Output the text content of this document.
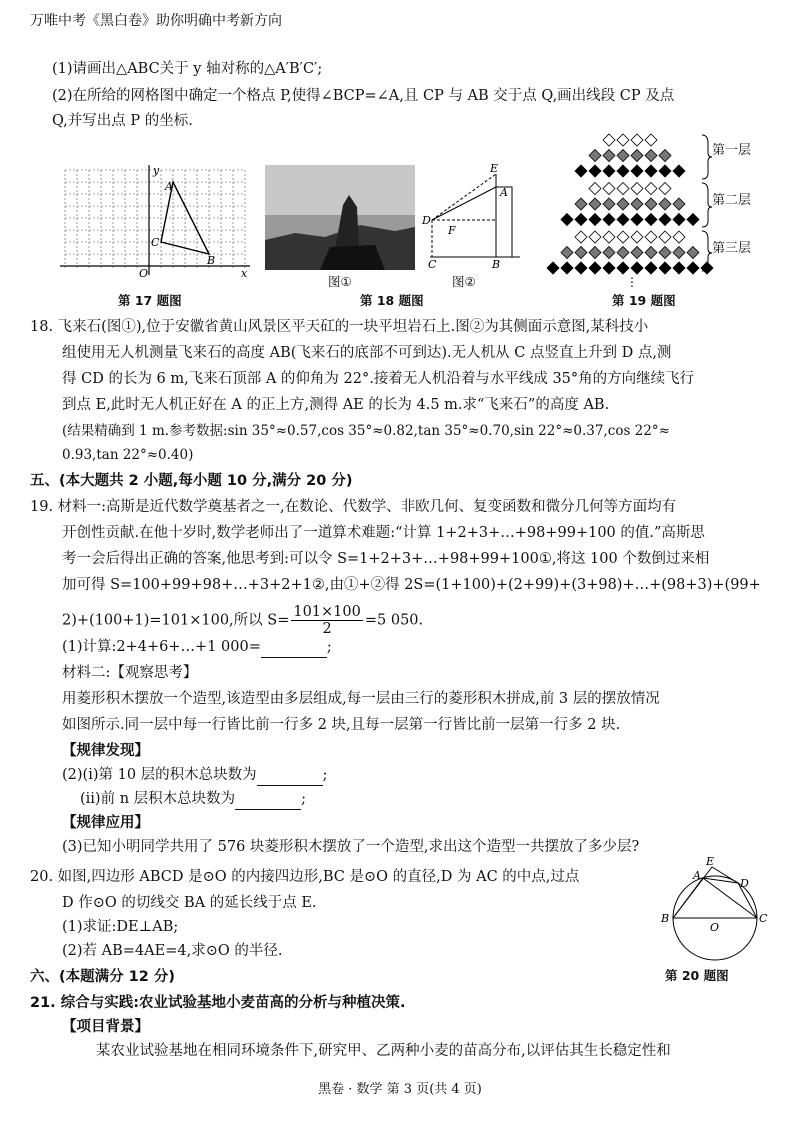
万唯中考《黑白卷》助你明确中考新方向
(1)请画出△ABC关于 y 轴对称的△A′B′C′;
(2)在所给的网格图中确定一个格点 P,使得∠BCP=∠A,且 CP 与 AB 交于点 Q,画出线段 CP 及点
Q,并写出点 P 的坐标.
y
x
O
A
C
B
第 17 题图
图①
E
A
D
F
C	B
图②
第 18 题图
⋮
第一层
第二层
第三层
第 19 题图
18. 飞来石(图①),位于安徽省黄山风景区平天矼的一块平坦岩石上.图②为其侧面示意图,某科技小
组使用无人机测量飞来石的高度 AB(飞来石的底部不可到达).无人机从 C 点竖直上升到 D 点,测
得 CD 的长为 6 m,飞来石顶部 A 的仰角为 22°.接着无人机沿着与水平线成 35°角的方向继续飞行
到点 E,此时无人机正好在 A 的正上方,测得 AE 的长为 4.5 m.求“飞来石”的高度 AB.
(结果精确到 1 m.参考数据:sin 35°≈0.57,cos 35°≈0.82,tan 35°≈0.70,sin 22°≈0.37,cos 22°≈
0.93,tan 22°≈0.40)
五、(本大题共 2 小题,每小题 10 分,满分 20 分)
19. 材料一:高斯是近代数学奠基者之一,在数论、代数学、非欧几何、复变函数和微分几何等方面均有
开创性贡献.在他十岁时,数学老师出了一道算术难题:“计算 1+2+3+…+98+99+100 的值.”高斯思
考一会后得出正确的答案,他思考到:可以令 S=1+2+3+…+98+99+100①,将这 100 个数倒过来相
加可得 S=100+99+98+…+3+2+1②,由①+②得 2S=(1+100)+(2+99)+(3+98)+…+(98+3)+(99+
2)+(100+1)=101×100,所以 $S= \frac{101\times 100}{2} =5$ 050.
(1)计算:2+4+6+…+1 000=	;
材料二:【观察思考】
用菱形积木摆放一个造型,该造型由多层组成,每一层由三行的菱形积木拼成,前 3 层的摆放情况
如图所示.同一层中每一行皆比前一行多 2 块,且每一层第一行皆比前一层第一行多 2 块.
【规律发现】
(2)(ⅰ)第 10 层的积木总块数为	;
(ⅱ)前 n 层积木总块数为	;
【规律应用】
(3)已知小明同学共用了 576 块菱形积木摆放了一个造型,求出这个造型一共摆放了多少层?
20. 如图,四边形 ABCD 是⊙O 的内接四边形,BC 是⊙O 的直径,D 为 AC 的中点,过点
D 作⊙O 的切线交 BA 的延长线于点 E.
(1)求证:DE⊥AB;
(2)若 AB=4AE=4,求⊙O 的半径.
E
A
D
B
O
C
第 20 题图
六、(本题满分 12 分)
21. 综合与实践:农业试验基地小麦苗高的分析与种植决策.
【项目背景】
某农业试验基地在相同环境条件下,研究甲、乙两种小麦的苗高分布,以评估其生长稳定性和
黑卷 · 数学 第 3 页(共 4 页)
